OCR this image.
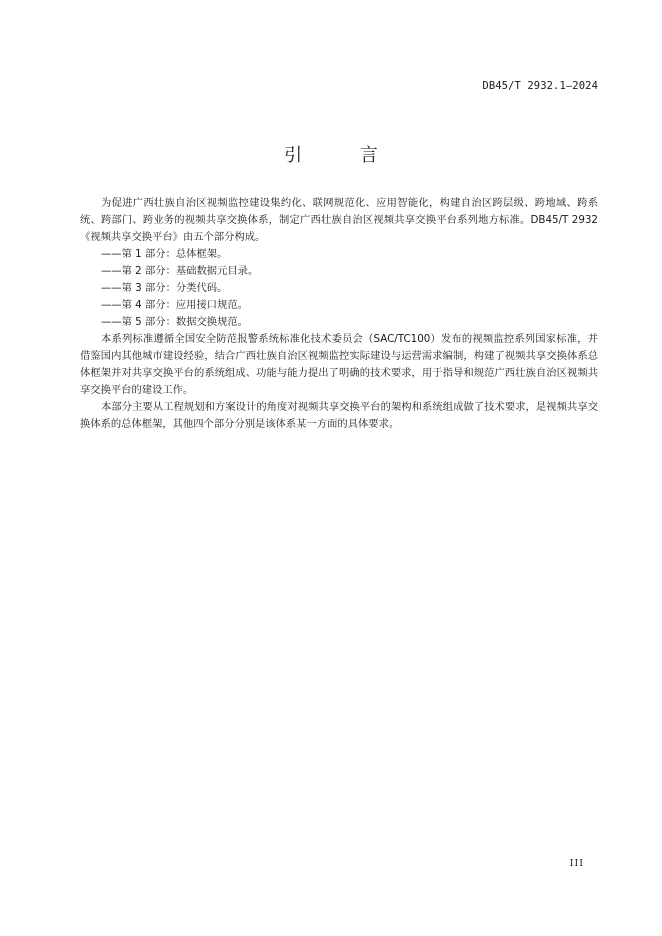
DB45/T 2932.1—2024
引 言

为促进广西壮族自治区视频监控建设集约化、联网规范化、应用智能化，构建自治区跨层级、跨地域、跨系统、跨部门、跨业务的视频共享交换体系，制定广西壮族自治区视频共享交换平台系列地方标准。DB45/T 2932《视频共享交换平台》由五个部分构成。

——第 1 部分：总体框架。
——第 2 部分：基础数据元目录。
——第 3 部分：分类代码。
——第 4 部分：应用接口规范。
——第 5 部分：数据交换规范。

本系列标准遵循全国安全防范报警系统标准化技术委员会（SAC/TC100）发布的视频监控系列国家标准，并借鉴国内其他城市建设经验，结合广西壮族自治区视频监控实际建设与运营需求编制，构建了视频共享交换体系总体框架并对共享交换平台的系统组成、功能与能力提出了明确的技术要求，用于指导和规范广西壮族自治区视频共享交换平台的建设工作。

本部分主要从工程规划和方案设计的角度对视频共享交换平台的架构和系统组成做了技术要求，是视频共享交换体系的总体框架，其他四个部分分别是该体系某一方面的具体要求。

III
